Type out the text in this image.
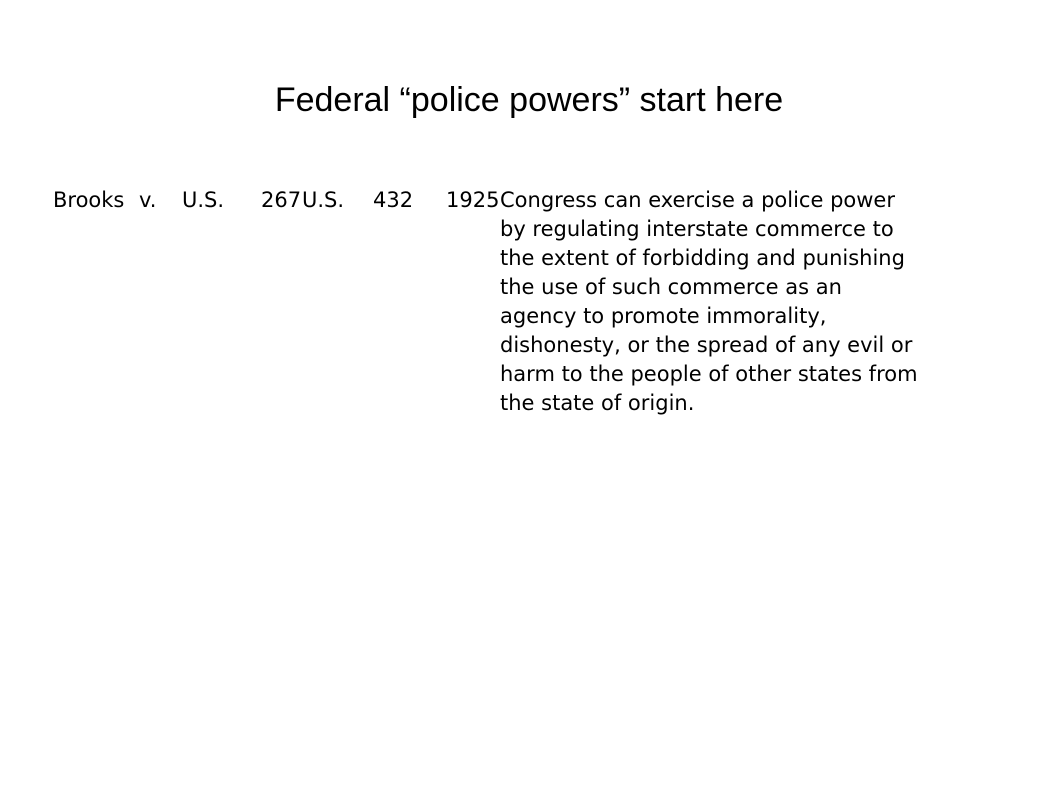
Federal “police powers” start here
Brooks v. U.S. 267 U.S. 432 1925 Congress can exercise a police power
by regulating interstate commerce to
the extent of forbidding and punishing
the use of such commerce as an
agency to promote immorality,
dishonesty, or the spread of any evil or
harm to the people of other states from
the state of origin.
